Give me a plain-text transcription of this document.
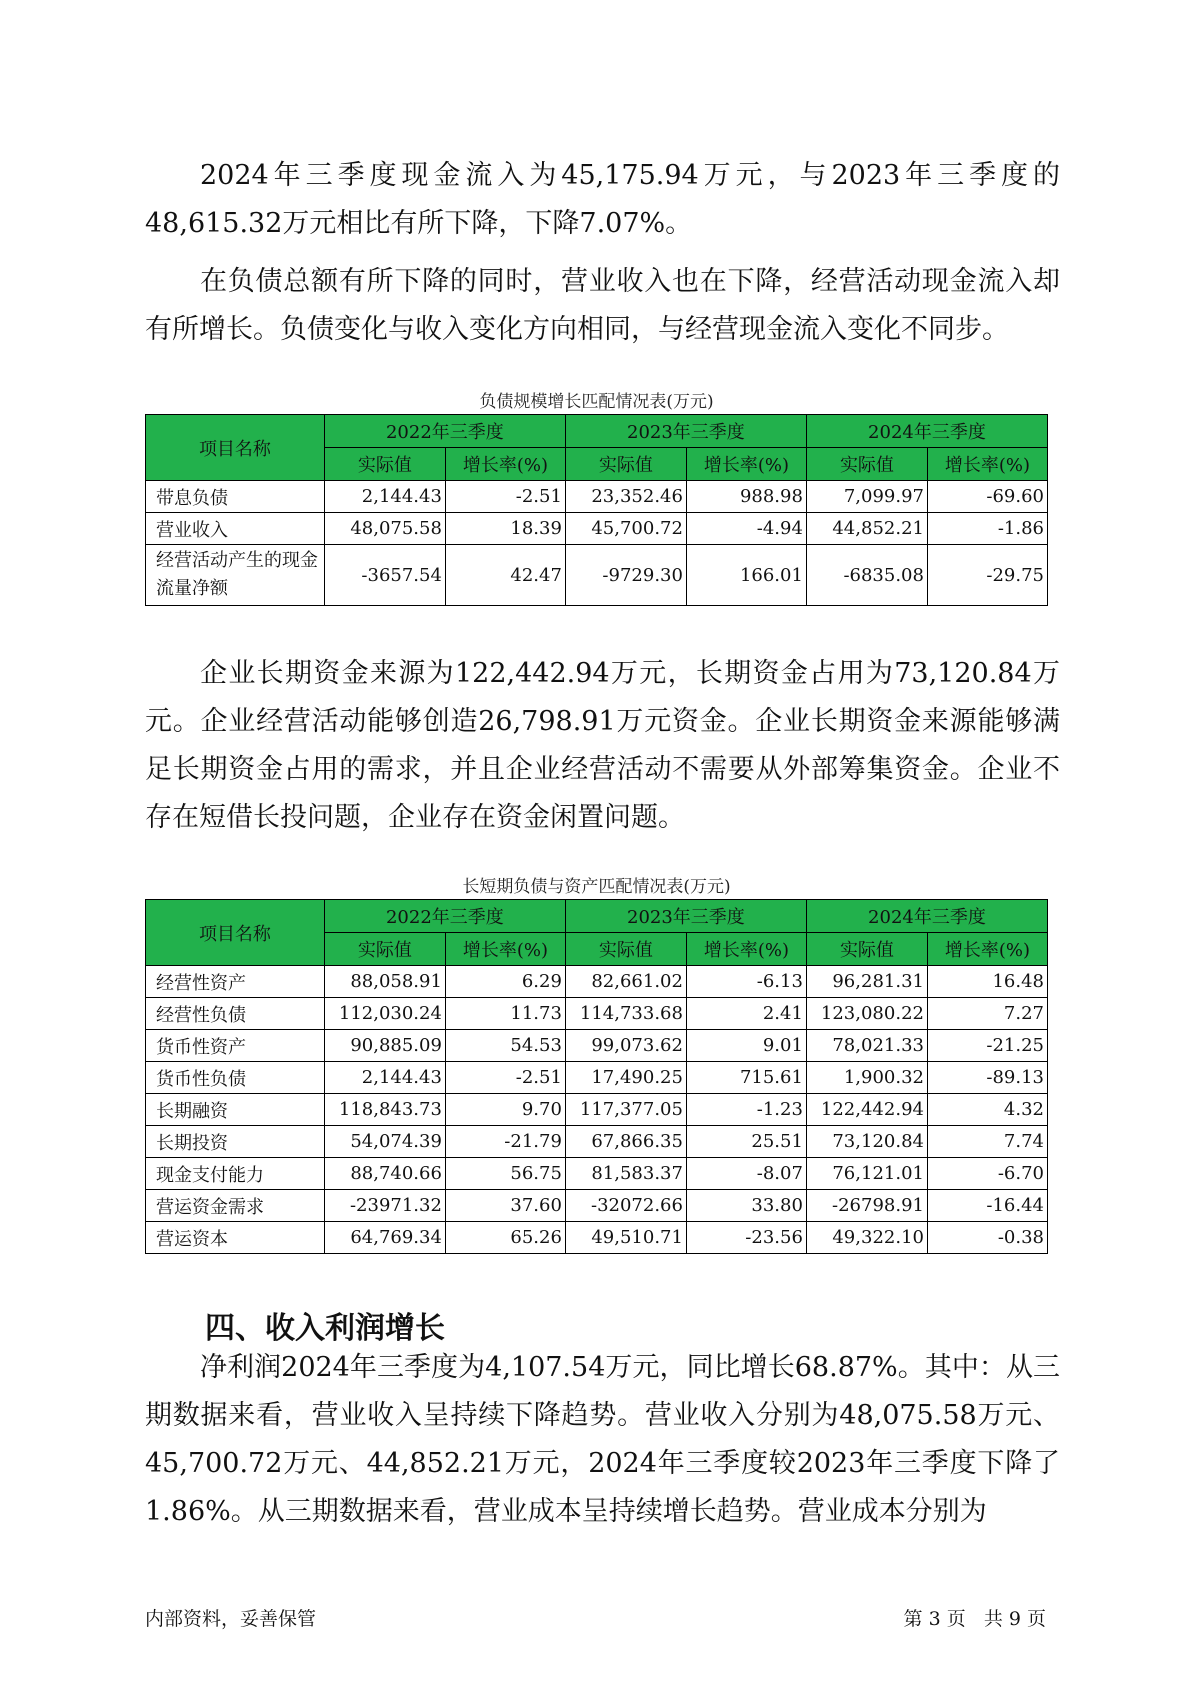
2024年三季度现金流入为45,175.94万元，与2023年三季度的48,615.32万元相比有所下降，下降7.07%。

在负债总额有所下降的同时，营业收入也在下降，经营活动现金流入却有所增长。负债变化与收入变化方向相同，与经营现金流入变化不同步。

负债规模增长匹配情况表(万元)
项目名称	2022年三季度		2023年三季度		2024年三季度	
	实际值	增长率(%)	实际值	增长率(%)	实际值	增长率(%)
带息负债	2,144.43	-2.51	23,352.46	988.98	7,099.97	-69.60
营业收入	48,075.58	18.39	45,700.72	-4.94	44,852.21	-1.86
经营活动产生的现金流量净额	-3657.54	42.47	-9729.30	166.01	-6835.08	-29.75

企业长期资金来源为122,442.94万元，长期资金占用为73,120.84万元。企业经营活动能够创造26,798.91万元资金。企业长期资金来源能够满足长期资金占用的需求，并且企业经营活动不需要从外部筹集资金。企业不存在短借长投问题，企业存在资金闲置问题。

长短期负债与资产匹配情况表(万元)
项目名称	2022年三季度		2023年三季度		2024年三季度	
	实际值	增长率(%)	实际值	增长率(%)	实际值	增长率(%)
经营性资产	88,058.91	6.29	82,661.02	-6.13	96,281.31	16.48
经营性负债	112,030.24	11.73	114,733.68	2.41	123,080.22	7.27
货币性资产	90,885.09	54.53	99,073.62	9.01	78,021.33	-21.25
货币性负债	2,144.43	-2.51	17,490.25	715.61	1,900.32	-89.13
长期融资	118,843.73	9.70	117,377.05	-1.23	122,442.94	4.32
长期投资	54,074.39	-21.79	67,866.35	25.51	73,120.84	7.74
现金支付能力	88,740.66	56.75	81,583.37	-8.07	76,121.01	-6.70
营运资金需求	-23971.32	37.60	-32072.66	33.80	-26798.91	-16.44
营运资本	64,769.34	65.26	49,510.71	-23.56	49,322.10	-0.38
四、收入利润增长

净利润2024年三季度为4,107.54万元，同比增长68.87%。其中：从三期数据来看，营业收入呈持续下降趋势。营业收入分别为48,075.58万元、45,700.72万元、44,852.21万元，2024年三季度较2023年三季度下降了1.86%。从三期数据来看，营业成本呈持续增长趋势。营业成本分别为

内部资料，妥善保管	第 3 页   共 9 页
